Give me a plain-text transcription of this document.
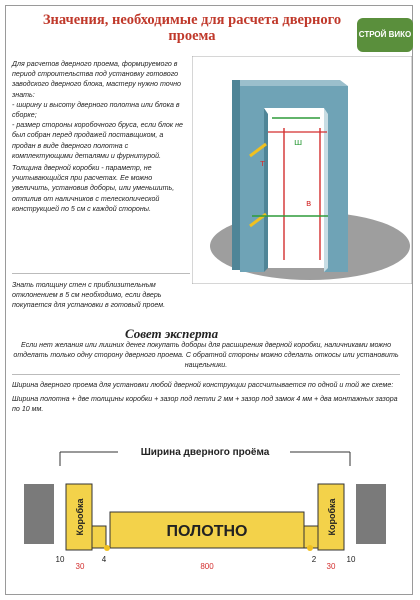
Значения, необходимые для расчета дверного проема	СТРОЙ ВИКО

Для расчетов дверного проема, формируемого в период строительства под установку готового заводского дверного блока, мастеру нужно точно знать:

- ширину и высоту дверного полотна или блока в сборке;

- размер стороны коробочного бруса, если блок не был собран перед продажей поставщиком, а продан в виде дверного полотна с комплектующими деталями и фурнитурой.

Толщина дверной коробки - параметр, не учитывающийся при расчетах. Ее можно увеличить, установив доборы, или уменьшить, отпилив от наличников с телескопической конструкцией по 5 см с каждой стороны.

Знать толщину стен с приблизительным отклонением в 5 см необходимо, если дверь покупается для установки в готовый проем.

т
ш
в
Совет эксперта
Если нет желания или лишних денег покупать доборы для расширения дверной коробки, наличниками можно отделать только одну сторону дверного проема. С обратной стороны можно сделать откосы или установить нащельники.

Ширина дверного проема для установки любой дверной конструкции рассчитывается по одной и той же схеме:

Ширина полотна + две толщины коробки + зазор под петли 2 мм + зазор под замок 4 мм + два монтажных зазора по 10 мм.

Ширина дверного проёма
Коробка	Коробка
ПОЛОТНО
10
30
4
800
2
30
10
